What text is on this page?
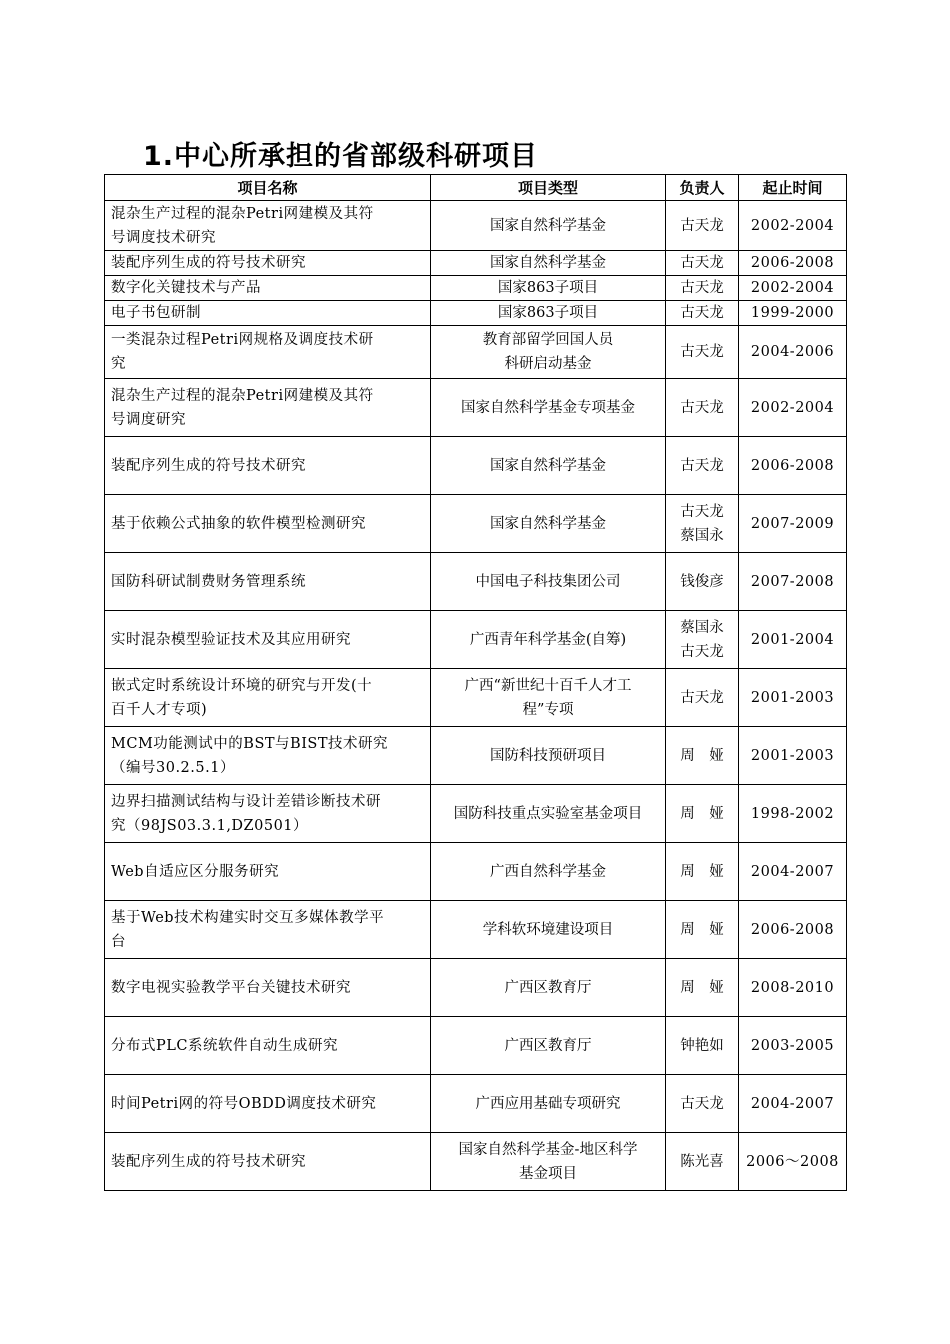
1.中心所承担的省部级科研项目
项目名称	项目类型	负责人	起止时间

混杂生产过程的混杂Petri网建模及其符
号调度技术研究	国家自然科学基金	古天龙	2002-2004

装配序列生成的符号技术研究	国家自然科学基金	古天龙	2006-2008

数字化关键技术与产品	国家863子项目	古天龙	2002-2004

电子书包研制	国家863子项目	古天龙	1999-2000

一类混杂过程Petri网规格及调度技术研
究	教育部留学回国人员
科研启动基金	古天龙	2004-2006

混杂生产过程的混杂Petri网建模及其符
号调度研究	国家自然科学基金专项基金	古天龙	2002-2004

装配序列生成的符号技术研究	国家自然科学基金	古天龙	2006-2008

基于依赖公式抽象的软件模型检测研究	国家自然科学基金	古天龙
蔡国永	2007-2009

国防科研试制费财务管理系统	中国电子科技集团公司	钱俊彦	2007-2008

实时混杂模型验证技术及其应用研究	广西青年科学基金(自筹)	蔡国永
古天龙	2001-2004

嵌式定时系统设计环境的研究与开发(十
百千人才专项)	广西“新世纪十百千人才工
程”专项	古天龙	2001-2003

MCM功能测试中的BST与BIST技术研究
（编号30.2.5.1）	国防科技预研项目	周　娅	2001-2003

边界扫描测试结构与设计差错诊断技术研
究（98JS03.3.1,DZ0501）	国防科技重点实验室基金项目	周　娅	1998-2002

Web自适应区分服务研究	广西自然科学基金	周　娅	2004-2007

基于Web技术构建实时交互多媒体教学平
台	学科软环境建设项目	周　娅	2006-2008

数字电视实验教学平台关键技术研究	广西区教育厅	周　娅	2008-2010

分布式PLC系统软件自动生成研究	广西区教育厅	钟艳如	2003-2005

时间Petri网的符号OBDD调度技术研究	广西应用基础专项研究	古天龙	2004-2007

装配序列生成的符号技术研究	国家自然科学基金-地区科学
基金项目	陈光喜	2006～2008
